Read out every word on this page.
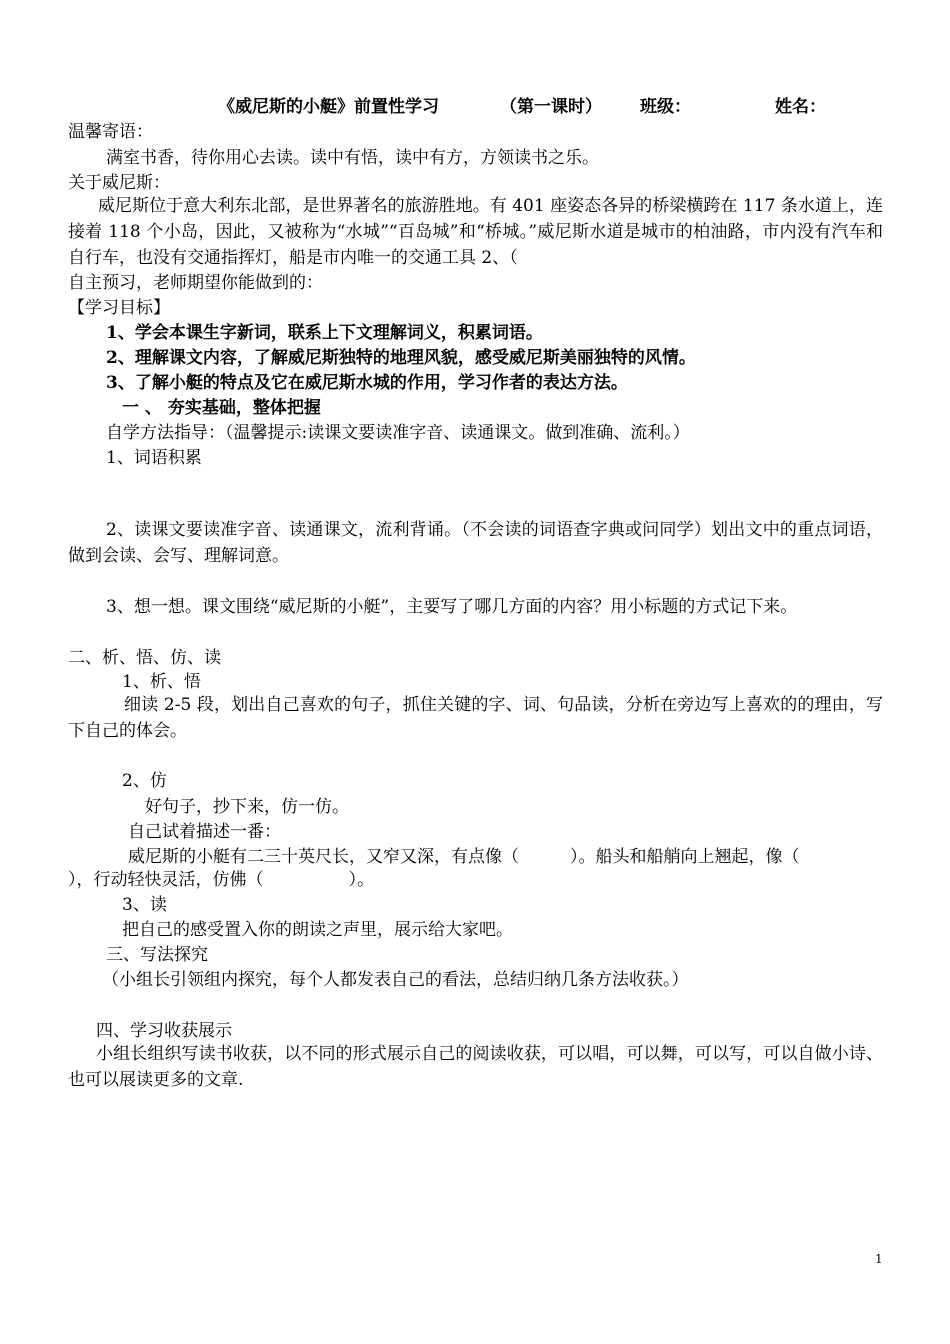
《威尼斯的小艇》前置性学习	（第一课时） 班级：	姓名：
温馨寄语：
满室书香，待你用心去读。读中有悟，读中有方，方领读书之乐。
关于威尼斯：
威尼斯位于意大利东北部，是世界著名的旅游胜地。有 401 座姿态各异的桥梁横跨在 117 条水道上，连接着 118 个小岛，因此，又被称为“水城”“百岛城”和“桥城。”威尼斯水道是城市的柏油路，市内没有汽车和自行车，也没有交通指挥灯，船是市内唯一的交通工具 2、（
自主预习，老师期望你能做到的：
【学习目标】
1、学会本课生字新词，联系上下文理解词义，积累词语。
2、理解课文内容，了解威尼斯独特的地理风貌，感受威尼斯美丽独特的风情。
3、了解小艇的特点及它在威尼斯水城的作用，学习作者的表达方法。
一 、 夯实基础，整体把握
自学方法指导：（温馨提示:读课文要读准字音、读通课文。做到准确、流利。）
1、词语积累
2、读课文要读准字音、读通课文，流利背诵。（不会读的词语查字典或问同学）划出文中的重点词语，做到会读、会写、理解词意。
3、想一想。课文围绕“威尼斯的小艇”，主要写了哪几方面的内容？用小标题的方式记下来。
二、析、悟、仿、读
1、析、悟
细读 2-5 段，划出自己喜欢的句子，抓住关键的字、词、句品读，分析在旁边写上喜欢的的理由，写下自己的体会。
2、仿
好句子，抄下来，仿一仿。
自己试着描述一番：
威尼斯的小艇有二三十英尺长，又窄又深，有点像（　　　）。船头和船艄向上翘起，像（
），行动轻快灵活，仿佛（　　　　　）。
3、读
把自己的感受置入你的朗读之声里，展示给大家吧。
三、写法探究
（小组长引领组内探究，每个人都发表自己的看法，总结归纳几条方法收获。）
四、学习收获展示
小组长组织写读书收获，以不同的形式展示自己的阅读收获，可以唱，可以舞，可以写，可以自做小诗、也可以展读更多的文章.
1
